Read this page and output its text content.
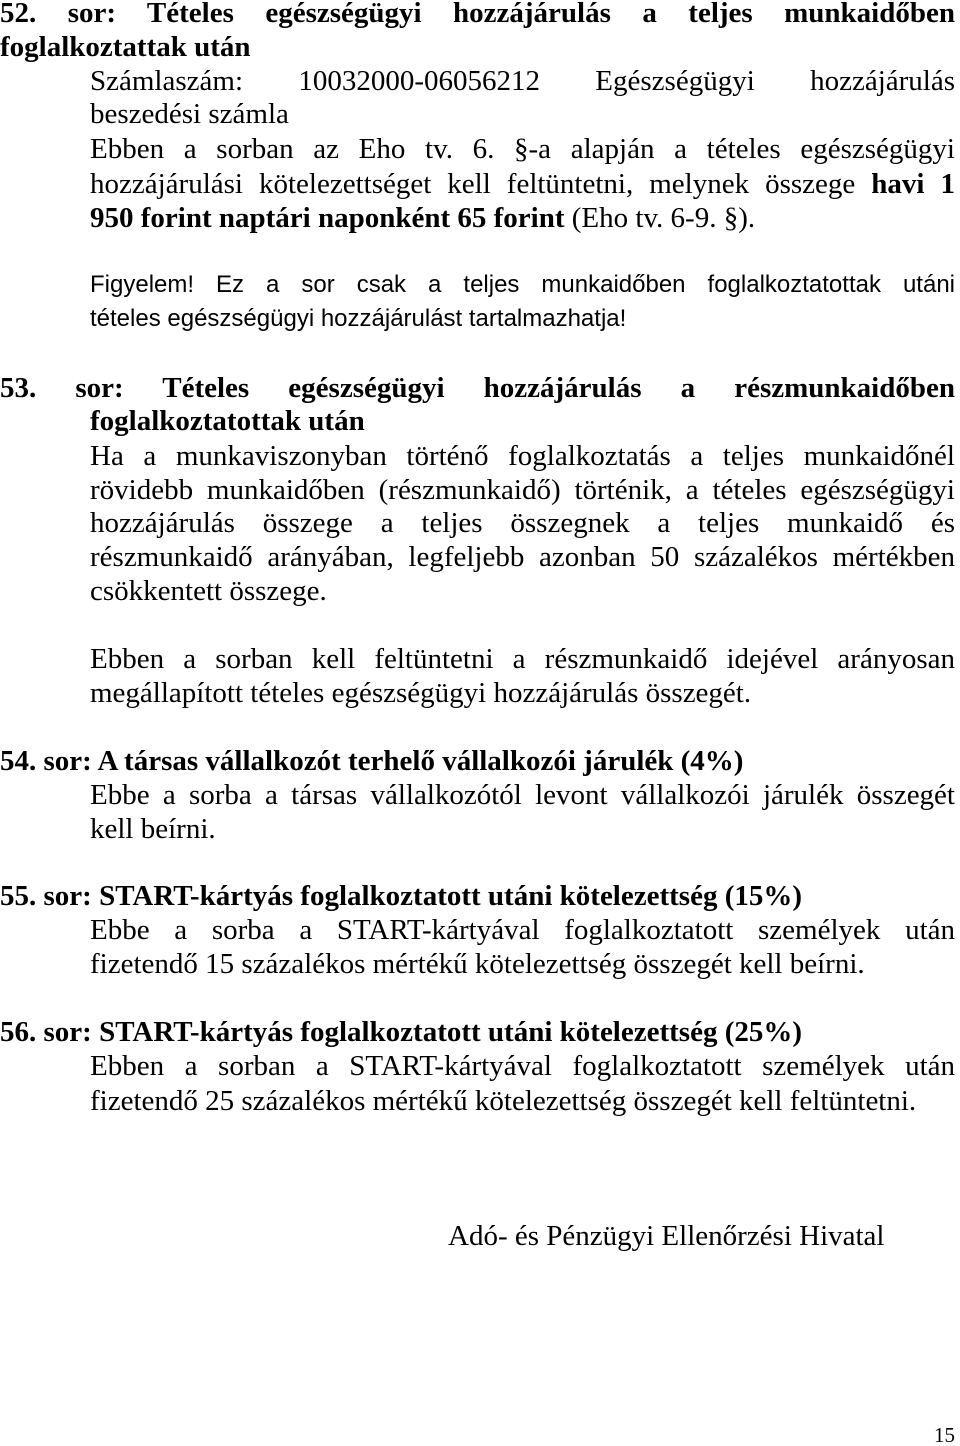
52. sor: Tételes egészségügyi hozzájárulás a teljes munkaidőben
foglalkoztattak után
Számlaszám: 10032000-06056212 Egészségügyi hozzájárulás
beszedési számla
Ebben a sorban az Eho tv. 6. §-a alapján a tételes egészségügyi
hozzájárulási kötelezettséget kell feltüntetni, melynek összege havi 1
950 forint naptári naponként 65 forint (Eho tv. 6-9. §).
Figyelem! Ez a sor csak a teljes munkaidőben foglalkoztatottak utáni
tételes egészségügyi hozzájárulást tartalmazhatja!
53. sor: Tételes egészségügyi hozzájárulás a részmunkaidőben
foglalkoztatottak után
Ha a munkaviszonyban történő foglalkoztatás a teljes munkaidőnél
rövidebb munkaidőben (részmunkaidő) történik, a tételes egészségügyi
hozzájárulás összege a teljes összegnek a teljes munkaidő és
részmunkaidő arányában, legfeljebb azonban 50 százalékos mértékben
csökkentett összege.
Ebben a sorban kell feltüntetni a részmunkaidő idejével arányosan
megállapított tételes egészségügyi hozzájárulás összegét.
54. sor: A társas vállalkozót terhelő vállalkozói járulék (4%)
Ebbe a sorba a társas vállalkozótól levont vállalkozói járulék összegét
kell beírni.
55. sor: START-kártyás foglalkoztatott utáni kötelezettség (15%)
Ebbe a sorba a START-kártyával foglalkoztatott személyek után
fizetendő 15 százalékos mértékű kötelezettség összegét kell beírni.
56. sor: START-kártyás foglalkoztatott utáni kötelezettség (25%)
Ebben a sorban a START-kártyával foglalkoztatott személyek után
fizetendő 25 százalékos mértékű kötelezettség összegét kell feltüntetni.
Adó- és Pénzügyi Ellenőrzési Hivatal
15
